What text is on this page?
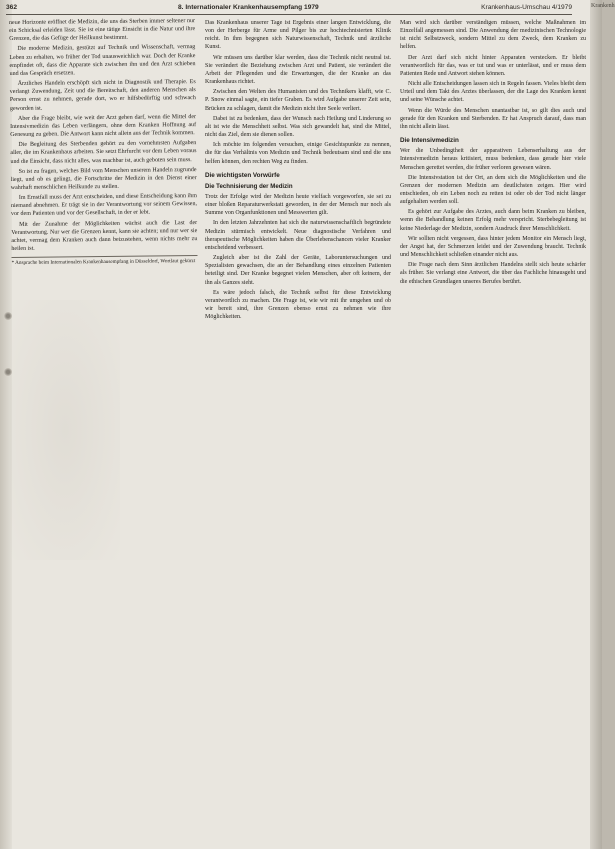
362	8. Internationaler Krankenhausempfang 1979	Krankenhaus-Umschau 4/1979

neue Horizonte eröffnet die Medizin, die uns das Sterben immer seltener nur ein Schicksal erleiden lässt. Sie ist eine tätige Einsicht in die Natur und ihre Grenzen, die das Gefüge der Heilkunst bestimmt.

Die moderne Medizin, gestützt auf Technik und Wissenschaft, vermag Leben zu erhalten, wo früher der Tod unausweichlich war. Doch der Kranke empfindet oft, dass die Apparate sich zwischen ihn und den Arzt schieben und das Gespräch ersetzen.

Ärztliches Handeln erschöpft sich nicht in Diagnostik und Therapie. Es verlangt Zuwendung, Zeit und die Bereitschaft, den anderen Menschen als Person ernst zu nehmen, gerade dort, wo er hilfsbedürftig und schwach geworden ist.

Aber die Frage bleibt, wie weit der Arzt gehen darf, wenn die Mittel der Intensivmedizin das Leben verlängern, ohne dem Kranken Hoffnung auf Genesung zu geben. Die Antwort kann nicht allein aus der Technik kommen.

Die Begleitung des Sterbenden gehört zu den vornehmsten Aufgaben aller, die im Krankenhaus arbeiten. Sie setzt Ehrfurcht vor dem Leben voraus und die Einsicht, dass nicht alles, was machbar ist, auch geboten sein muss.

So ist zu fragen, welches Bild vom Menschen unserem Handeln zugrunde liegt, und ob es gelingt, die Fortschritte der Medizin in den Dienst einer wahrhaft menschlichen Heilkunde zu stellen.

Im Ernstfall muss der Arzt entscheiden, und diese Entscheidung kann ihm niemand abnehmen. Er trägt sie in der Verantwortung vor seinem Gewissen, vor dem Patienten und vor der Gesellschaft, in der er lebt.

Mit der Zunahme der Möglichkeiten wächst auch die Last der Verantwortung. Nur wer die Grenzen kennt, kann sie achten; und nur wer sie achtet, vermag dem Kranken auch dann beizustehen, wenn nichts mehr zu heilen ist.

* Ansprache beim Internationalen Krankenhausempfang in Düsseldorf, Wortlaut gekürzt

Das Krankenhaus unserer Tage ist Ergebnis einer langen Entwicklung, die von der Herberge für Arme und Pilger bis zur hochtechnisierten Klinik reicht. In ihm begegnen sich Naturwissenschaft, Technik und ärztliche Kunst.

Wir müssen uns darüber klar werden, dass die Technik nicht neutral ist. Sie verändert die Beziehung zwischen Arzt und Patient, sie verändert die Arbeit der Pflegenden und die Erwartungen, die der Kranke an das Krankenhaus richtet.

Zwischen den Welten des Humanisten und des Technikers klafft, wie C. P. Snow einmal sagte, ein tiefer Graben. Es wird Aufgabe unserer Zeit sein, Brücken zu schlagen, damit die Medizin nicht ihre Seele verliert.

Dabei ist zu bedenken, dass der Wunsch nach Heilung und Linderung so alt ist wie die Menschheit selbst. Was sich gewandelt hat, sind die Mittel, nicht das Ziel, dem sie dienen sollen.

Ich möchte im folgenden versuchen, einige Gesichtspunkte zu nennen, die für das Verhältnis von Medizin und Technik bedeutsam sind und die uns helfen können, den rechten Weg zu finden.

Die wichtigsten Vorwürfe
Die Technisierung der Medizin

Trotz der Erfolge wird der Medizin heute vielfach vorgeworfen, sie sei zu einer bloßen Reparaturwerkstatt geworden, in der der Mensch nur noch als Summe von Organfunktionen und Messwerten gilt.

In den letzten Jahrzehnten hat sich die naturwissenschaftlich begründete Medizin stürmisch entwickelt. Neue diagnostische Verfahren und therapeutische Möglichkeiten haben die Überlebenschancen vieler Kranker entscheidend verbessert.

Zugleich aber ist die Zahl der Geräte, Laboruntersuchungen und Spezialisten gewachsen, die an der Behandlung eines einzelnen Patienten beteiligt sind. Der Kranke begegnet vielen Menschen, aber oft keinem, der ihn als Ganzes sieht.

Es wäre jedoch falsch, die Technik selbst für diese Entwicklung verantwortlich zu machen. Die Frage ist, wie wir mit ihr umgehen und ob wir bereit sind, ihre Grenzen ebenso ernst zu nehmen wie ihre Möglichkeiten.

Man wird sich darüber verständigen müssen, welche Maßnahmen im Einzelfall angemessen sind. Die Anwendung der medizinischen Technologie ist nicht Selbstzweck, sondern Mittel zu dem Zweck, dem Kranken zu helfen.

Der Arzt darf sich nicht hinter Apparaten verstecken. Er bleibt verantwortlich für das, was er tut und was er unterlässt, und er muss dem Patienten Rede und Antwort stehen können.

Nicht alle Entscheidungen lassen sich in Regeln fassen. Vieles bleibt dem Urteil und dem Takt des Arztes überlassen, der die Lage des Kranken kennt und seine Wünsche achtet.

Wenn die Würde des Menschen unantastbar ist, so gilt dies auch und gerade für den Kranken und Sterbenden. Er hat Anspruch darauf, dass man ihn nicht allein lässt.

Die Intensivmedizin

Wer die Unbedingtheit der apparativen Lebenserhaltung aus der Intensivmedizin heraus kritisiert, muss bedenken, dass gerade hier viele Menschen gerettet werden, die früher verloren gewesen wären.

Die Intensivstation ist der Ort, an dem sich die Möglichkeiten und die Grenzen der modernen Medizin am deutlichsten zeigen. Hier wird entschieden, ob ein Leben noch zu retten ist oder ob der Tod nicht länger aufgehalten werden soll.

Es gehört zur Aufgabe des Arztes, auch dann beim Kranken zu bleiben, wenn die Behandlung keinen Erfolg mehr verspricht. Sterbebegleitung ist keine Niederlage der Medizin, sondern Ausdruck ihrer Menschlichkeit.

Wir sollten nicht vergessen, dass hinter jedem Monitor ein Mensch liegt, der Angst hat, der Schmerzen leidet und der Zuwendung braucht. Technik und Menschlichkeit schließen einander nicht aus.

Die Frage nach dem Sinn ärztlichen Handelns stellt sich heute schärfer als früher. Sie verlangt eine Antwort, die über das Fachliche hinausgeht und die ethischen Grundlagen unseres Berufes berührt.

Krankenh
